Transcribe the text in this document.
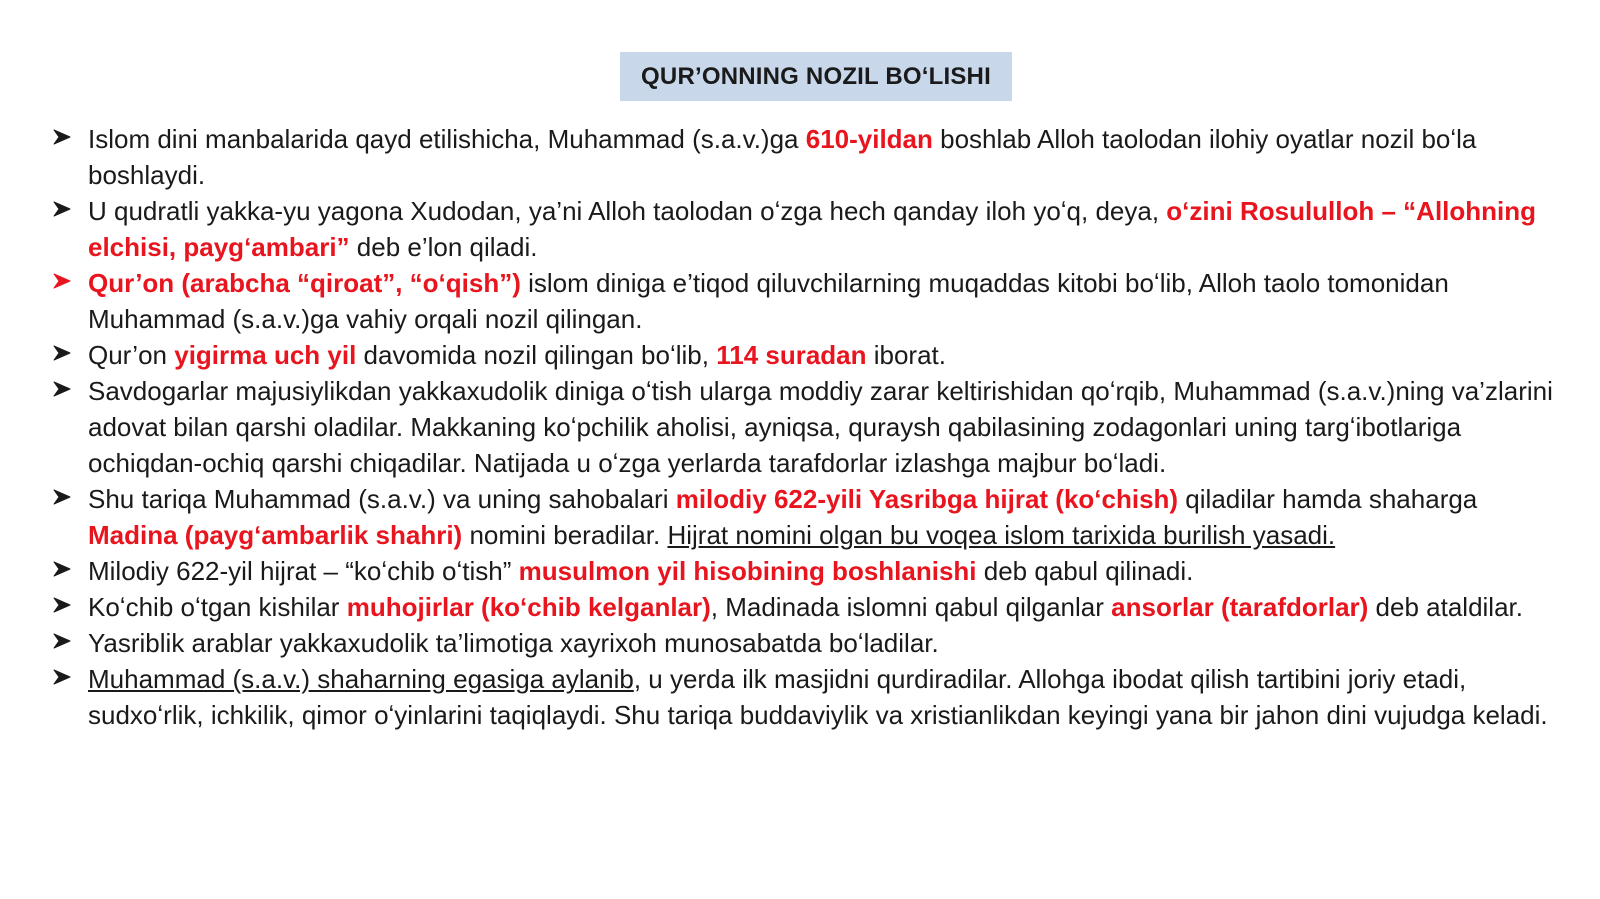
QUR’ONNING NOZIL BOʻLISHI
Islom dini manbalarida qayd etilishicha, Muhammad (s.a.v.)ga 610-yildan boshlab Alloh taolodan ilohiy oyatlar nozil boʻla boshlaydi.
U qudratli yakka-yu yagona Xudodan, ya’ni Alloh taolodan oʻzga hech qanday iloh yoʻq, deya, oʻzini Rosululloh – “Allohning elchisi, paygʻambari” deb e’lon qiladi.
Qur’on (arabcha “qiroat”, “oʻqish”) islom diniga e’tiqod qiluvchilarning muqaddas kitobi boʻlib, Alloh taolo tomonidan Muhammad (s.a.v.)ga vahiy orqali nozil qilingan.
Qur’on yigirma uch yil davomida nozil qilingan boʻlib, 114 suradan iborat.
Savdogarlar majusiylikdan yakkaxudolik diniga oʻtish ularga moddiy zarar keltirishidan qoʻrqib, Muhammad (s.a.v.)ning va’zlarini adovat bilan qarshi oladilar. Makkaning koʻpchilik aholisi, ayniqsa, quraysh qabilasining zodagonlari uning targʻibotlariga ochiqdan-ochiq qarshi chiqadilar. Natijada u oʻzga yerlarda tarafdorlar izlashga majbur boʻladi.
Shu tariqa Muhammad (s.a.v.) va uning sahobalari milodiy 622-yili Yasribga hijrat (koʻchish) qiladilar hamda shaharga Madina (paygʻambarlik shahri) nomini beradilar. Hijrat nomini olgan bu voqea islom tarixida burilish yasadi.
Milodiy 622-yil hijrat – “koʻchib oʻtish” musulmon yil hisobining boshlanishi deb qabul qilinadi.
Koʻchib oʻtgan kishilar muhojirlar (koʻchib kelganlar), Madinada islomni qabul qilganlar ansorlar (tarafdorlar) deb ataldilar.
Yasriblik arablar yakkaxudolik ta’limotiga xayrixoh munosabatda boʻladilar.
Muhammad (s.a.v.) shaharning egasiga aylanib, u yerda ilk masjidni qurdiradilar. Allohga ibodat qilish tartibini joriy etadi, sudxoʻrlik, ichkilik, qimor oʻyinlarini taqiqlaydi. Shu tariqa buddaviylik va xristianlikdan keyingi yana bir jahon dini vujudga keladi.
